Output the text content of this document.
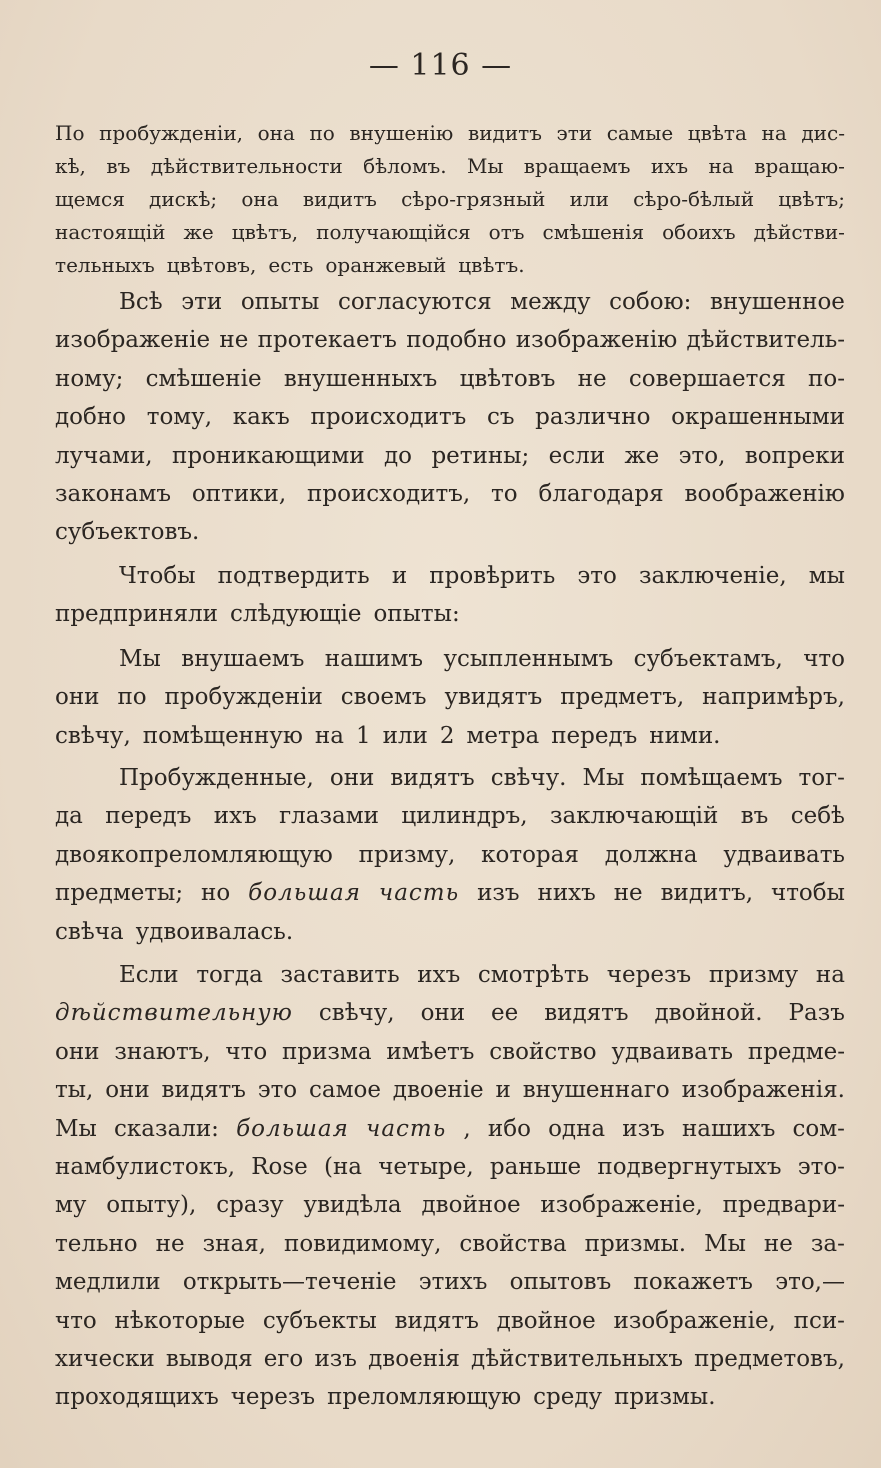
— 116 —
По пробужденіи, она по внушенію видитъ эти самые цвѣта на дис-
кѣ, въ дѣйствительности бѣломъ. Мы вращаемъ ихъ на вращаю-
щемся дискѣ; она видитъ сѣро-грязный или сѣро-бѣлый цвѣтъ;
настоящій же цвѣтъ, получающійся отъ смѣшенія обоихъ дѣйстви-
тельныхъ цвѣтовъ, есть оранжевый цвѣтъ.
Всѣ эти опыты согласуются между собою: внушенное
изображеніе не протекаетъ подобно изображенію дѣйствитель-
ному; смѣшеніе внушенныхъ цвѣтовъ не совершается по-
добно тому, какъ происходитъ съ различно окрашенными
лучами, проникающими до ретины; если же это, вопреки
законамъ оптики, происходитъ, то благодаря воображенію
субъектовъ.
Чтобы подтвердить и провѣрить это заключеніе, мы
предприняли слѣдующіе опыты:
Мы внушаемъ нашимъ усыпленнымъ субъектамъ, что
они по пробужденіи своемъ увидятъ предметъ, напримѣръ,
свѣчу, помѣщенную на 1 или 2 метра передъ ними.
Пробужденные, они видятъ свѣчу. Мы помѣщаемъ тог-
да передъ ихъ глазами цилиндръ, заключающій въ себѣ
двоякопреломляющую призму, которая должна удваивать
предметы; но большая часть изъ нихъ не видитъ, чтобы
свѣча удвоивалась.
Если тогда заставить ихъ смотрѣть черезъ призму на
дѣйствительную свѣчу, они ее видятъ двойной. Разъ
они знаютъ, что призма имѣетъ свойство удваивать предме-
ты, они видятъ это самое двоеніе и внушеннаго изображенія.
Мы сказали: большая часть , ибо одна изъ нашихъ сом-
намбулистокъ, Rose (на четыре, раньше подвергнутыхъ это-
му опыту), сразу увидѣла двойное изображеніе, предвари-
тельно не зная, повидимому, свойства призмы. Мы не за-
медлили открыть—теченіе этихъ опытовъ покажетъ это,—
что нѣкоторые субъекты видятъ двойное изображеніе, пси-
хически выводя его изъ двоенія дѣйствительныхъ предметовъ,
проходящихъ черезъ преломляющую среду призмы.
